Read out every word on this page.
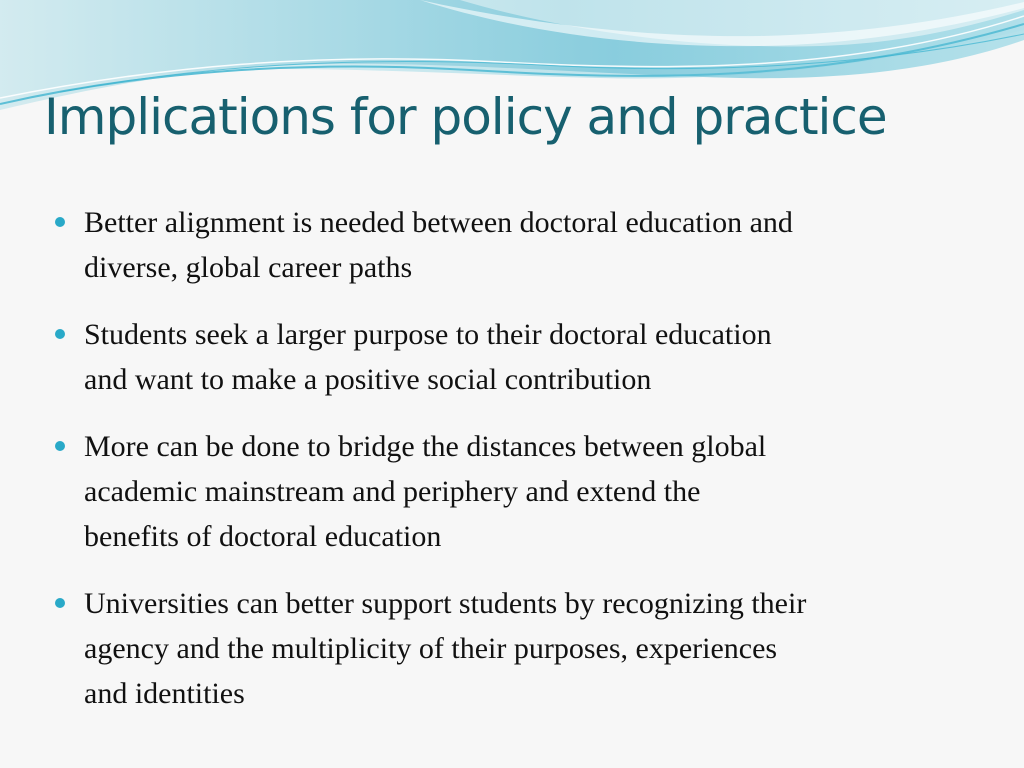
Implications for policy and practice
Better alignment is needed between doctoral education and
diverse, global career paths
Students seek a larger purpose to their doctoral education
and want to make a positive social contribution
More can be done to bridge the distances between global
academic mainstream and periphery and extend the
benefits of doctoral education
Universities can better support students by recognizing their
agency and the multiplicity of their purposes, experiences
and identities
